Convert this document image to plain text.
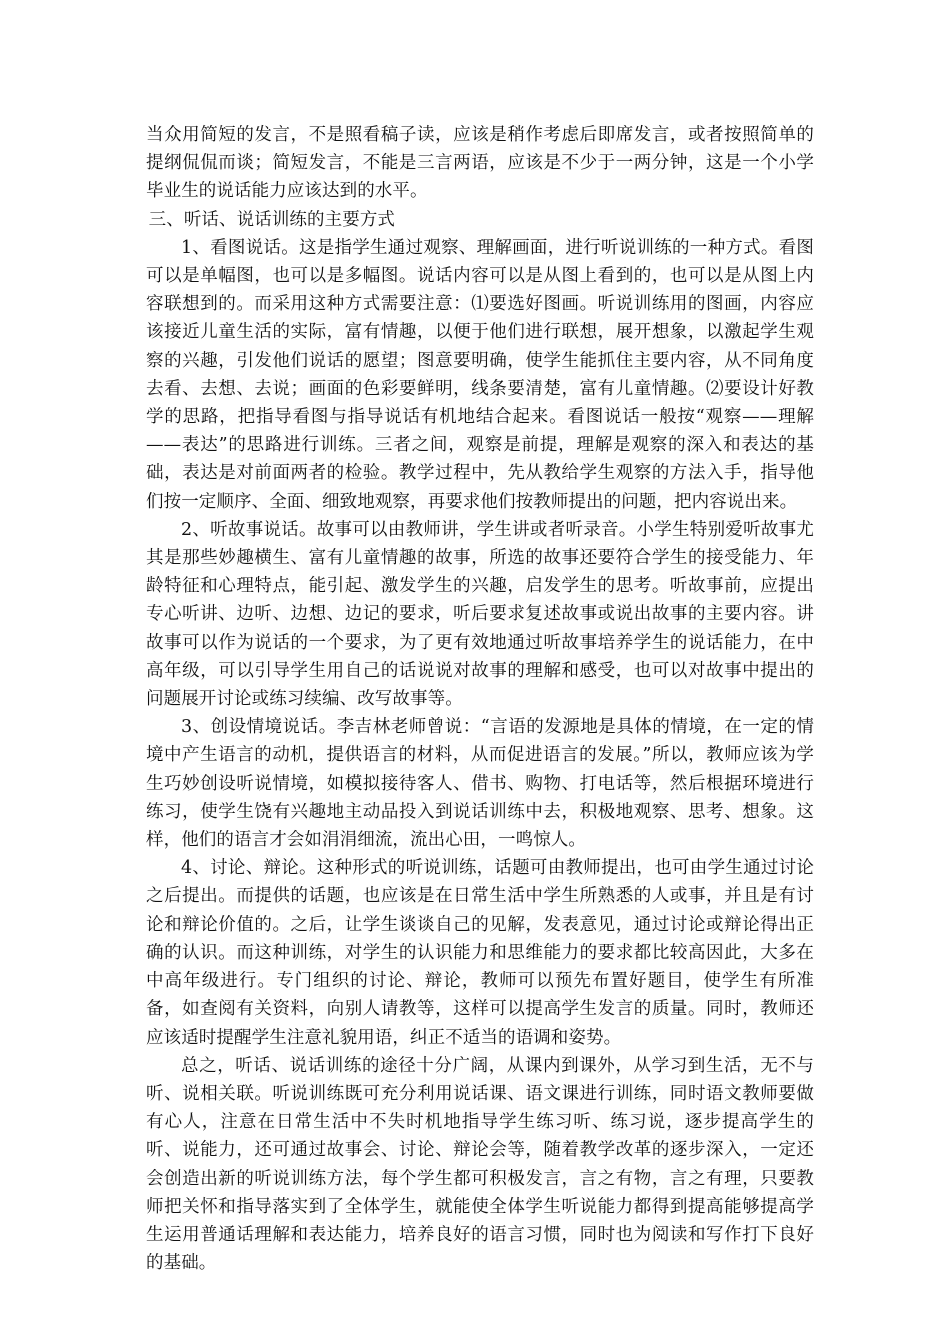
当众用简短的发言，不是照看稿子读，应该是稍作考虑后即席发言，或者按照简单的提纲侃侃而谈；简短发言，不能是三言两语，应该是不少于一两分钟，这是一个小学毕业生的说话能力应该达到的水平。

三、听话、说话训练的主要方式

1、看图说话。这是指学生通过观察、理解画面，进行听说训练的一种方式。看图可以是单幅图，也可以是多幅图。说话内容可以是从图上看到的，也可以是从图上内容联想到的。而采用这种方式需要注意：⑴要选好图画。听说训练用的图画，内容应该接近儿童生活的实际，富有情趣，以便于他们进行联想，展开想象，以激起学生观察的兴趣，引发他们说话的愿望；图意要明确，使学生能抓住主要内容，从不同角度去看、去想、去说；画面的色彩要鲜明，线条要清楚，富有儿童情趣。⑵要设计好教学的思路，把指导看图与指导说话有机地结合起来。看图说话一般按“观察——理解——表达”的思路进行训练。三者之间，观察是前提，理解是观察的深入和表达的基础，表达是对前面两者的检验。教学过程中，先从教给学生观察的方法入手，指导他们按一定顺序、全面、细致地观察，再要求他们按教师提出的问题，把内容说出来。

2、听故事说话。故事可以由教师讲，学生讲或者听录音。小学生特别爱听故事尤其是那些妙趣横生、富有儿童情趣的故事，所选的故事还要符合学生的接受能力、年龄特征和心理特点，能引起、激发学生的兴趣，启发学生的思考。听故事前，应提出专心听讲、边听、边想、边记的要求，听后要求复述故事或说出故事的主要内容。讲故事可以作为说话的一个要求，为了更有效地通过听故事培养学生的说话能力，在中高年级，可以引导学生用自己的话说说对故事的理解和感受，也可以对故事中提出的问题展开讨论或练习续编、改写故事等。

3、创设情境说话。李吉林老师曾说：“言语的发源地是具体的情境，在一定的情境中产生语言的动机，提供语言的材料，从而促进语言的发展。”所以，教师应该为学生巧妙创设听说情境，如模拟接待客人、借书、购物、打电话等，然后根据环境进行练习，使学生饶有兴趣地主动品投入到说话训练中去，积极地观察、思考、想象。这样，他们的语言才会如涓涓细流，流出心田，一鸣惊人。

4、讨论、辩论。这种形式的听说训练，话题可由教师提出，也可由学生通过讨论之后提出。而提供的话题，也应该是在日常生活中学生所熟悉的人或事，并且是有讨论和辩论价值的。之后，让学生谈谈自己的见解，发表意见，通过讨论或辩论得出正确的认识。而这种训练，对学生的认识能力和思维能力的要求都比较高因此，大多在中高年级进行。专门组织的讨论、辩论，教师可以预先布置好题目，使学生有所准备，如查阅有关资料，向别人请教等，这样可以提高学生发言的质量。同时，教师还应该适时提醒学生注意礼貌用语，纠正不适当的语调和姿势。

总之，听话、说话训练的途径十分广阔，从课内到课外，从学习到生活，无不与听、说相关联。听说训练既可充分利用说话课、语文课进行训练，同时语文教师要做有心人，注意在日常生活中不失时机地指导学生练习听、练习说，逐步提高学生的听、说能力，还可通过故事会、讨论、辩论会等，随着教学改革的逐步深入，一定还会创造出新的听说训练方法，每个学生都可积极发言，言之有物，言之有理，只要教师把关怀和指导落实到了全体学生，就能使全体学生听说能力都得到提高能够提高学生运用普通话理解和表达能力，培养良好的语言习惯，同时也为阅读和写作打下良好的基础。
